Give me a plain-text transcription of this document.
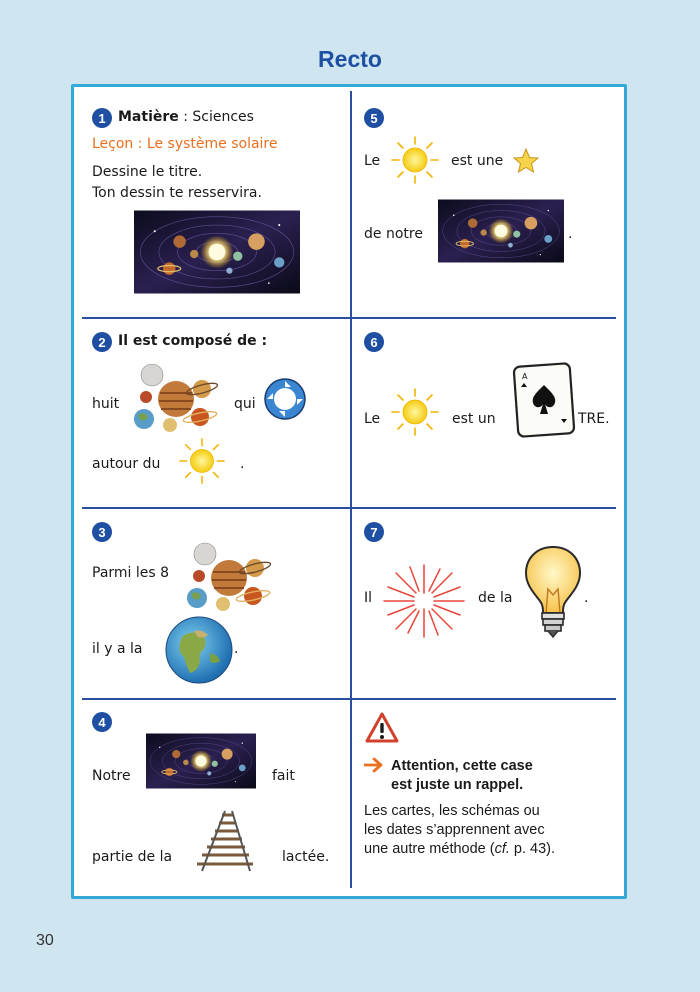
Recto
1 Matière : Sciences
Leçon : Le système solaire
Dessine le titre.
Ton dessin te resservira.
2 Il est composé de :
huit	qui
autour du	.
3
Parmi les 8
il y a la	.
4
Notre	fait
partie de la	lactée.
5
Le	est une
de notre	.
6
Le	est un
A
TRE.
7
Il	de la	.
Attention, cette case
est juste un rappel.
Les cartes, les schémas ou
les dates s’apprennent avec
une autre méthode (cf. p. 43).
30
